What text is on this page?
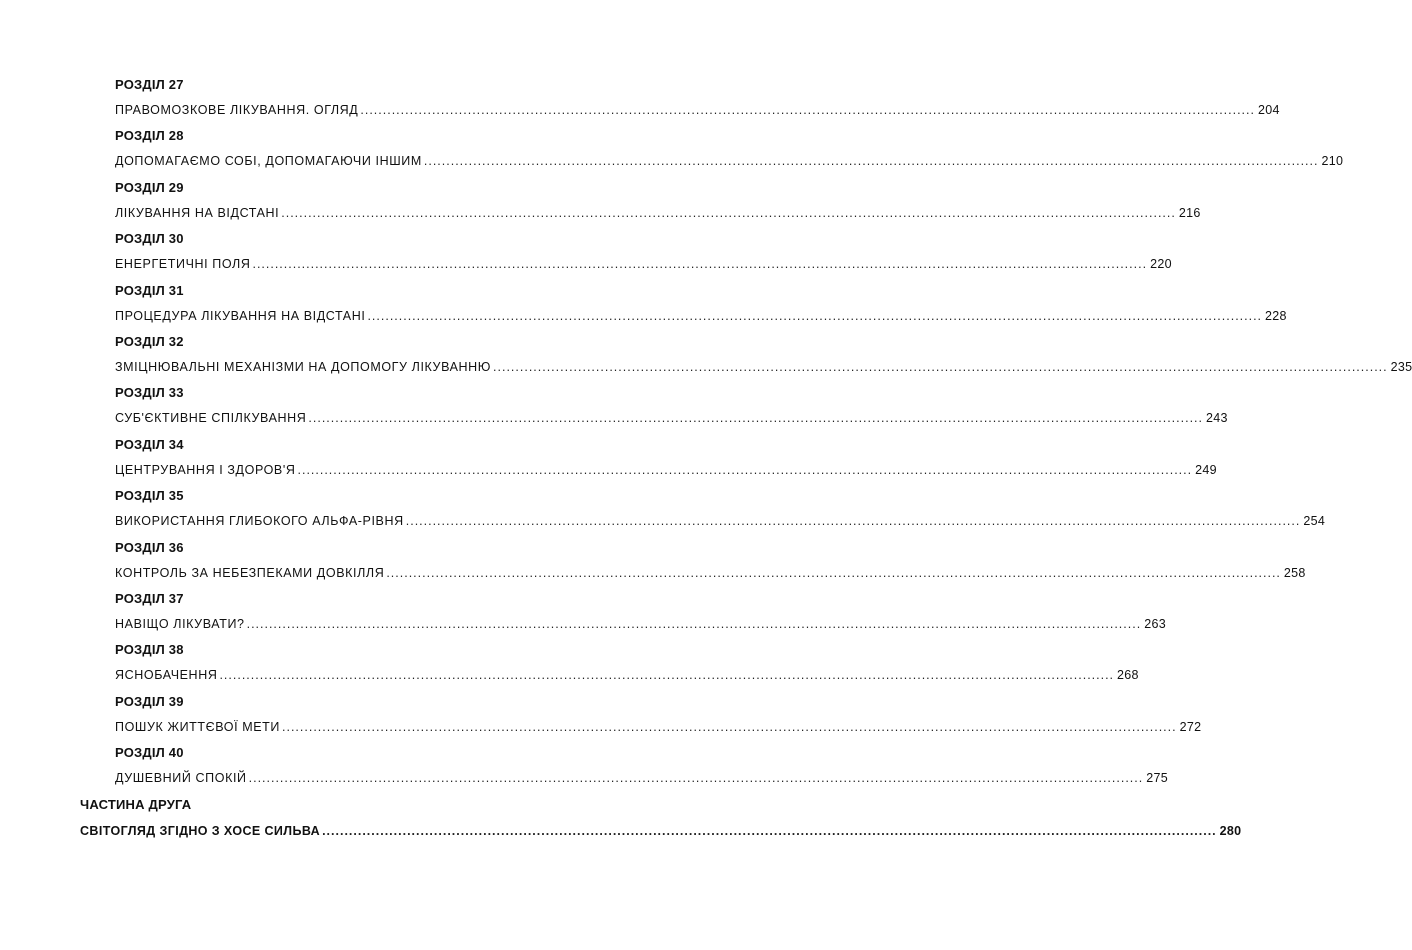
РОЗДІЛ 27
ПРАВОМОЗКОВЕ ЛІКУВАННЯ. ОГЛЯД ........................................................................................................................................................................................................ 204
РОЗДІЛ 28
ДОПОМАГАЄМО СОБІ, ДОПОМАГАЮЧИ ІНШИМ ........................................................................................................................................................................................................ 210
РОЗДІЛ 29
ЛІКУВАННЯ НА ВІДСТАНІ ........................................................................................................................................................................................................ 216
РОЗДІЛ 30
ЕНЕРГЕТИЧНІ ПОЛЯ ........................................................................................................................................................................................................ 220
РОЗДІЛ 31
ПРОЦЕДУРА ЛІКУВАННЯ НА ВІДСТАНІ ........................................................................................................................................................................................................ 228
РОЗДІЛ 32
ЗМІЦНЮВАЛЬНІ МЕХАНІЗМИ НА ДОПОМОГУ ЛІКУВАННЮ ........................................................................................................................................................................................................ 235
РОЗДІЛ 33
СУБ'ЄКТИВНЕ СПІЛКУВАННЯ ........................................................................................................................................................................................................ 243
РОЗДІЛ 34
ЦЕНТРУВАННЯ І ЗДОРОВ'Я ........................................................................................................................................................................................................ 249
РОЗДІЛ 35
ВИКОРИСТАННЯ ГЛИБОКОГО АЛЬФА-РІВНЯ ........................................................................................................................................................................................................ 254
РОЗДІЛ 36
КОНТРОЛЬ ЗА НЕБЕЗПЕКАМИ ДОВКІЛЛЯ ........................................................................................................................................................................................................ 258
РОЗДІЛ 37
НАВІЩО ЛІКУВАТИ? ........................................................................................................................................................................................................ 263
РОЗДІЛ 38
ЯСНОБАЧЕННЯ ........................................................................................................................................................................................................ 268
РОЗДІЛ 39
ПОШУК ЖИТТЄВОЇ МЕТИ ........................................................................................................................................................................................................ 272
РОЗДІЛ 40
ДУШЕВНИЙ СПОКІЙ ........................................................................................................................................................................................................ 275
ЧАСТИНА ДРУГА
СВІТОГЛЯД ЗГІДНО З ХОСЕ СИЛЬВА ........................................................................................................................................................................................................ 280
